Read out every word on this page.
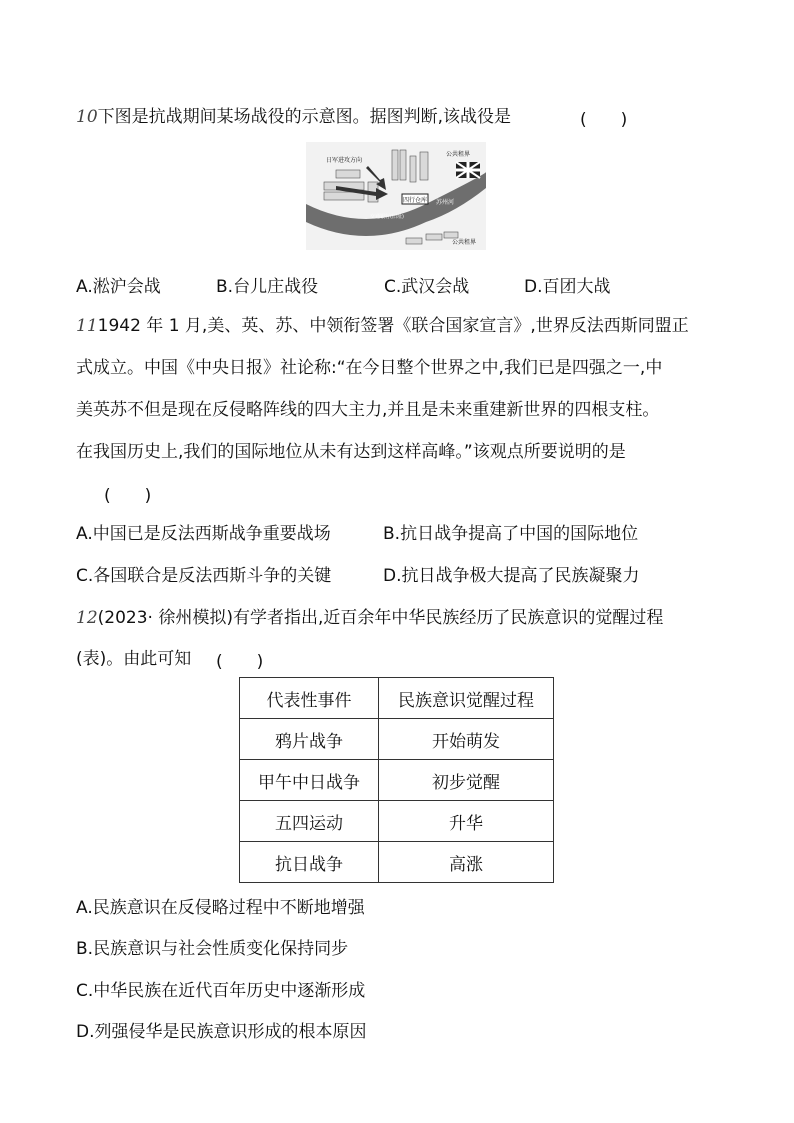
10下图是抗战期间某场战役的示意图。据图判断,该战役是	(　　)
四行仓库
日军进攻方向
公共租界
公共租界
交通银行(旧址)
苏州河
A.淞沪会战	B.台儿庄战役	C.武汉会战	D.百团大战
111942 年 1 月,美、英、苏、中领衔签署《联合国家宣言》,世界反法西斯同盟正
式成立。中国《中央日报》社论称:“在今日整个世界之中,我们已是四强之一,中
美英苏不但是现在反侵略阵线的四大主力,并且是未来重建新世界的四根支柱。
在我国历史上,我们的国际地位从未有达到这样高峰。”该观点所要说明的是
(　　)
A.中国已是反法西斯战争重要战场	B.抗日战争提高了中国的国际地位
C.各国联合是反法西斯斗争的关键	D.抗日战争极大提高了民族凝聚力
12(2023· 徐州模拟)有学者指出,近百余年中华民族经历了民族意识的觉醒过程
(表)。由此可知 (　　)
代表性事件	民族意识觉醒过程
鸦片战争	开始萌发
甲午中日战争	初步觉醒
五四运动	升华
抗日战争	高涨
A.民族意识在反侵略过程中不断地增强
B.民族意识与社会性质变化保持同步
C.中华民族在近代百年历史中逐渐形成
D.列强侵华是民族意识形成的根本原因
